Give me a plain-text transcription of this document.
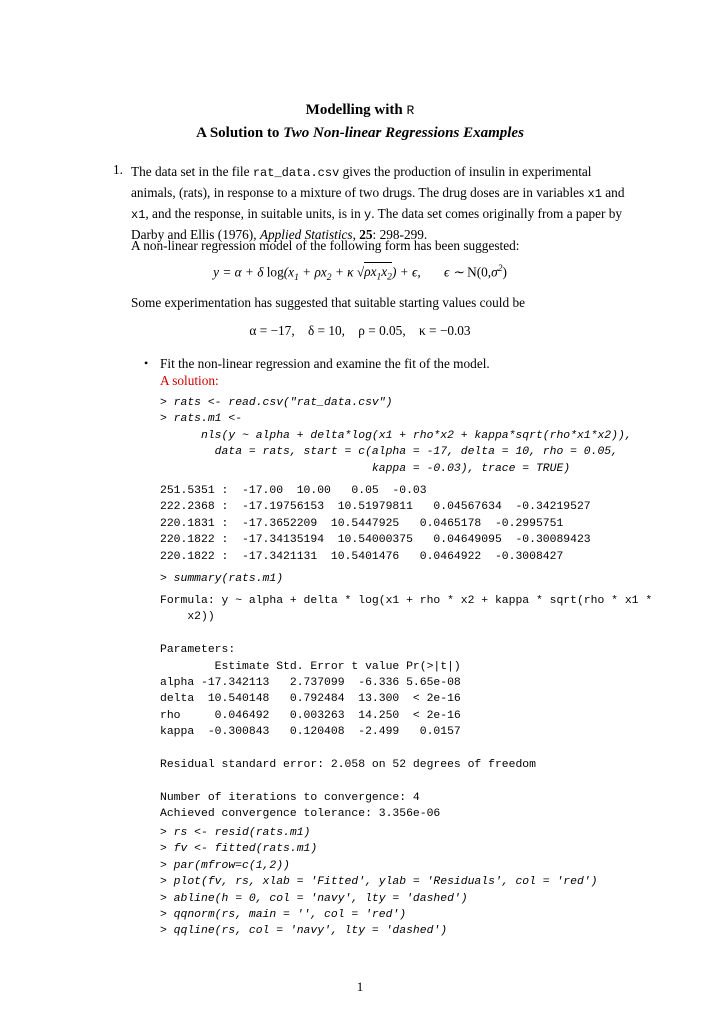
Modelling with R
A Solution to Two Non-linear Regressions Examples
1. The data set in the file rat_data.csv gives the production of insulin in experimental animals, (rats), in response to a mixture of two drugs. The drug doses are in variables x1 and x1, and the response, in suitable units, is in y. The data set comes originally from a paper by Darby and Ellis (1976), Applied Statistics, 25: 298-299.
A non-linear regression model of the following form has been suggested:
y = α + δ $\log(x_1 + \rho x_2 + \kappa$ $√\rho x_1x_2) + \epsilon$,       ϵ ∼ $N(0,\sigma^2)$
Some experimentation has suggested that suitable starting values could be
α = −17, δ = 10, ρ = 0.05, κ = −0.03
• Fit the non-linear regression and examine the fit of the model.
A solution:
> rats <- read.csv("rat_data.csv")
> rats.m1 <-
nls(y ~ alpha + delta*log(x1 + rho*x2 + kappa*sqrt(rho*x1*x2)),
data = rats, start = c(alpha = -17, delta = 10, rho = 0.05,
kappa = -0.03), trace = TRUE)
251.5351 :  -17.00  10.00   0.05  -0.03
222.2368 :  -17.19756153  10.51979811   0.04567634  -0.34219527
220.1831 :  -17.3652209  10.5447925   0.0465178  -0.2995751
220.1822 :  -17.34135194  10.54000375   0.04649095  -0.30089423
220.1822 :  -17.3421131  10.5401476   0.0464922  -0.3008427
> summary(rats.m1)
Formula: y ~ alpha + delta * log(x1 + rho * x2 + kappa * sqrt(rho * x1 *
x2))

Parameters:
Estimate Std. Error t value Pr(>|t|)
alpha -17.342113   2.737099  -6.336 5.65e-08
delta  10.540148   0.792484  13.300  < 2e-16
rho     0.046492   0.003263  14.250  < 2e-16
kappa  -0.300843   0.120408  -2.499   0.0157

Residual standard error: 2.058 on 52 degrees of freedom

Number of iterations to convergence: 4
Achieved convergence tolerance: 3.356e-06
> rs <- resid(rats.m1)
> fv <- fitted(rats.m1)
> par(mfrow=c(1,2))
> plot(fv, rs, xlab = 'Fitted', ylab = 'Residuals', col = 'red')
> abline(h = 0, col = 'navy', lty = 'dashed')
> qqnorm(rs, main = '', col = 'red')
> qqline(rs, col = 'navy', lty = 'dashed')
1
